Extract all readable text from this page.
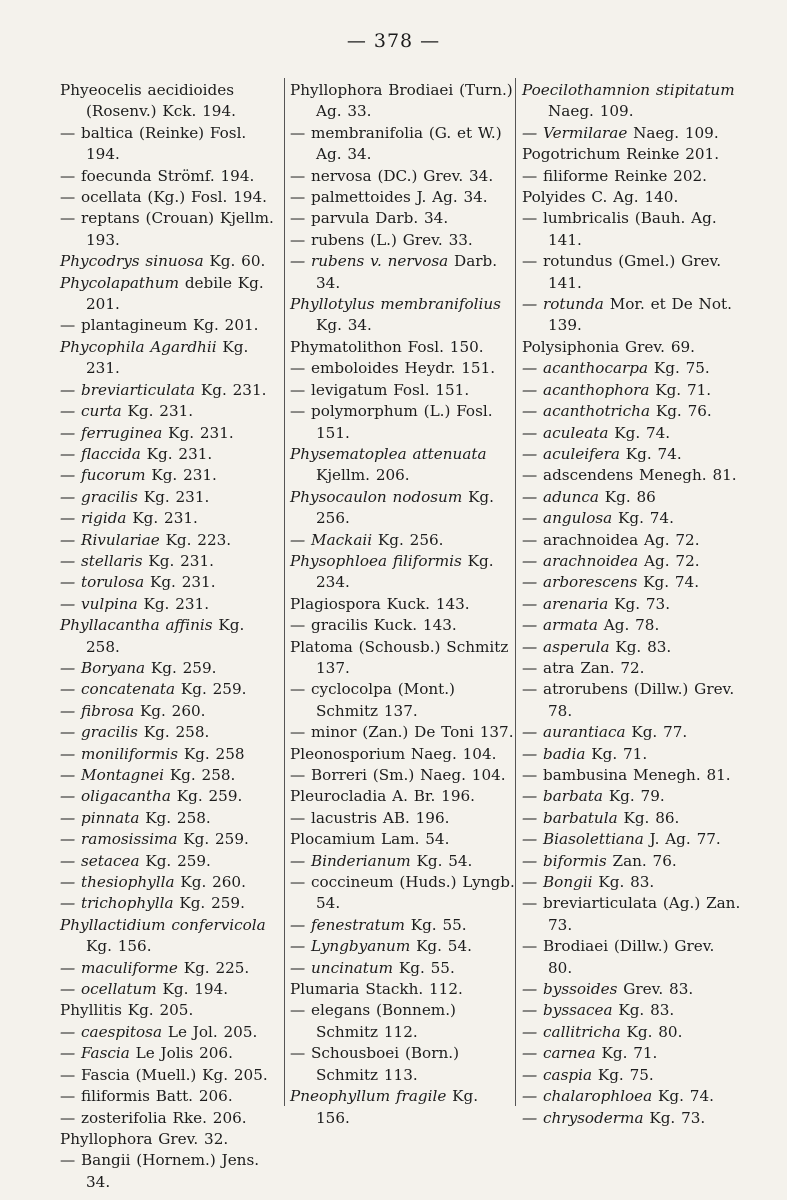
— 378 —

Phyeocelis aecidioides (Rosenv.) Kck. 194.

— baltica (Reinke) Fosl. 194.

— foecunda Strömf. 194.

— ocellata (Kg.) Fosl. 194.

— reptans (Crouan) Kjellm. 193.

Phycodrys sinuosa Kg. 60.

Phycolapathum debile Kg. 201.

— plantagineum Kg. 201.

Phycophila Agardhii Kg. 231.

— breviarticulata Kg. 231.

— curta Kg. 231.

— ferruginea Kg. 231.

— flaccida Kg. 231.

— fucorum Kg. 231.

— gracilis Kg. 231.

— rigida Kg. 231.

— Rivulariae Kg. 223.

— stellaris Kg. 231.

— torulosa Kg. 231.

— vulpina Kg. 231.

Phyllacantha affinis Kg. 258.

— Boryana Kg. 259.

— concatenata Kg. 259.

— fibrosa Kg. 260.

— gracilis Kg. 258.

— moniliformis Kg. 258

— Montagnei Kg. 258.

— oligacantha Kg. 259.

— pinnata Kg. 258.

— ramosissima Kg. 259.

— setacea Kg. 259.

— thesiophylla Kg. 260.

— trichophylla Kg. 259.

Phyllactidium confervicola Kg. 156.

— maculiforme Kg. 225.

— ocellatum Kg. 194.

Phyllitis Kg. 205.

— caespitosa Le Jol. 205.

— Fascia Le Jolis 206.

— Fascia (Muell.) Kg. 205.

— filiformis Batt. 206.

— zosterifolia Rke. 206.

Phyllophora Grev. 32.

— Bangii (Hornem.) Jens. 34.

Phyllophora Brodiaei (Turn.) Ag. 33.

— membranifolia (G. et W.) Ag. 34.

— nervosa (DC.) Grev. 34.

— palmettoides J. Ag. 34.

— parvula Darb. 34.

— rubens (L.) Grev. 33.

— rubens v. nervosa Darb. 34.

Phyllotylus membranifolius Kg. 34.

Phymatolithon Fosl. 150.

— emboloides Heydr. 151.

— levigatum Fosl. 151.

— polymorphum (L.) Fosl. 151.

Physematoplea attenuata Kjellm. 206.

Physocaulon nodosum Kg. 256.

— Mackaii Kg. 256.

Physophloea filiformis Kg. 234.

Plagiospora Kuck. 143.

— gracilis Kuck. 143.

Platoma (Schousb.) Schmitz 137.

— cyclocolpa (Mont.) Schmitz 137.

— minor (Zan.) De Toni 137.

Pleonosporium Naeg. 104.

— Borreri (Sm.) Naeg. 104.

Pleurocladia A. Br. 196.

— lacustris AB. 196.

Plocamium Lam. 54.

— Binderianum Kg. 54.

— coccineum (Huds.) Lyngb. 54.

— fenestratum Kg. 55.

— Lyngbyanum Kg. 54.

— uncinatum Kg. 55.

Plumaria Stackh. 112.

— elegans (Bonnem.) Schmitz 112.

— Schousboei (Born.) Schmitz 113.

Pneophyllum fragile Kg. 156.

Poecilothamnion stipitatum Naeg. 109.

— Vermilarae Naeg. 109.

Pogotrichum Reinke 201.

— filiforme Reinke 202.

Polyides C. Ag. 140.

— lumbricalis (Bauh. Ag. 141.

— rotundus (Gmel.) Grev. 141.

— rotunda Mor. et De Not. 139.

Polysiphonia Grev. 69.

— acanthocarpa Kg. 75.

— acanthophora Kg. 71.

— acanthotricha Kg. 76.

— aculeata Kg. 74.

— aculeifera Kg. 74.

— adscendens Menegh. 81.

— adunca Kg. 86

— angulosa Kg. 74.

— arachnoidea Ag. 72.

— arachnoidea Ag. 72.

— arborescens Kg. 74.

— arenaria Kg. 73.

— armata Ag. 78.

— asperula Kg. 83.

— atra Zan. 72.

— atrorubens (Dillw.) Grev. 78.

— aurantiaca Kg. 77.

— badia Kg. 71.

— bambusina Menegh. 81.

— barbata Kg. 79.

— barbatula Kg. 86.

— Biasolettiana J. Ag. 77.

— biformis Zan. 76.

— Bongii Kg. 83.

— breviarticulata (Ag.) Zan. 73.

— Brodiaei (Dillw.) Grev. 80.

— byssoides Grev. 83.

— byssacea Kg. 83.

— callitricha Kg. 80.

— carnea Kg. 71.

— caspia Kg. 75.

— chalarophloea Kg. 74.

— chrysoderma Kg. 73.
